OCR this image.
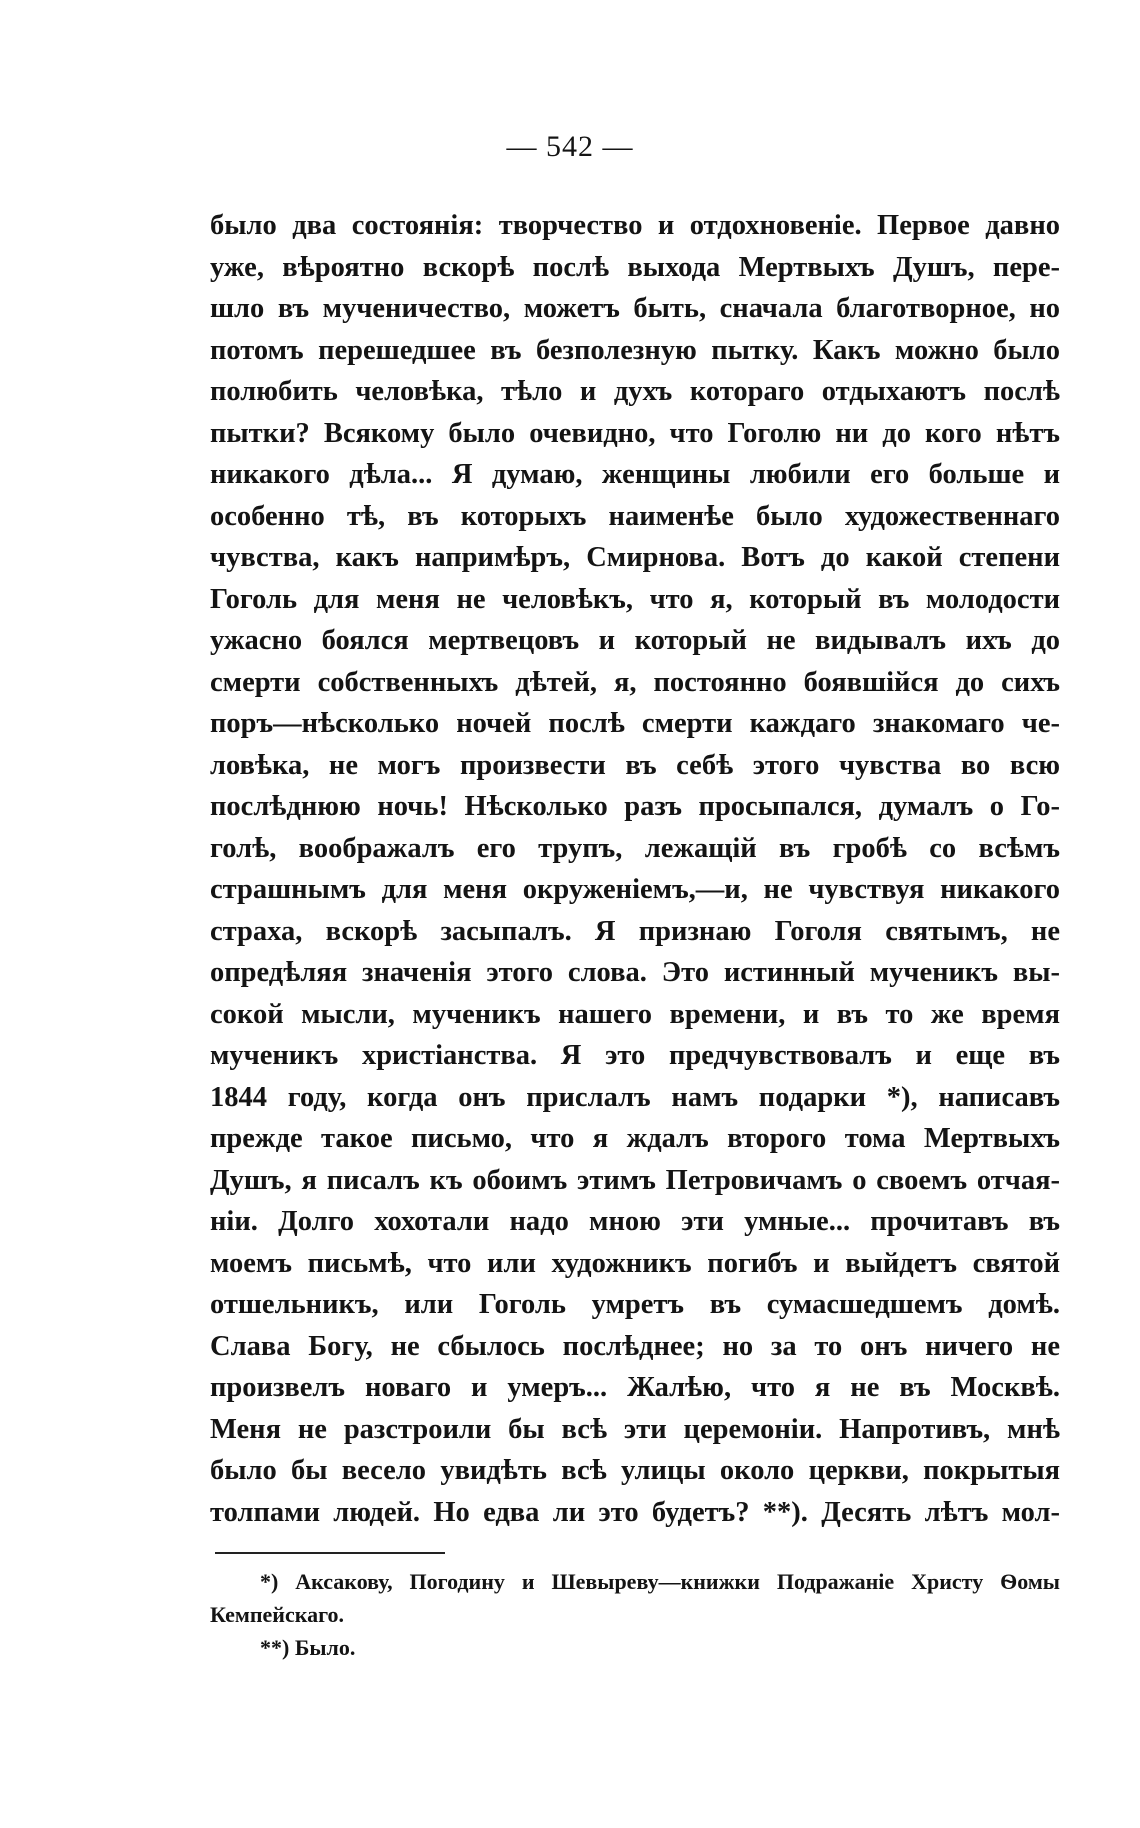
— 542 —
было два состоянія: творчество и отдохновеніе. Первое давно
уже, вѣроятно вскорѣ послѣ выхода Мертвыхъ Душъ, пере-
шло въ мученичество, можетъ быть, сначала благотворное, но
потомъ перешедшее въ безполезную пытку. Какъ можно было
полюбить человѣка, тѣло и духъ котораго отдыхаютъ послѣ
пытки? Всякому было очевидно, что Гоголю ни до кого нѣтъ
никакого дѣла... Я думаю, женщины любили его больше и
особенно тѣ, въ которыхъ наименѣе было художественнаго
чувства, какъ напримѣръ, Смирнова. Вотъ до какой степени
Гоголь для меня не человѣкъ, что я, который въ молодости
ужасно боялся мертвецовъ и который не видывалъ ихъ до
смерти собственныхъ дѣтей, я, постоянно боявшійся до сихъ
поръ—нѣсколько ночей послѣ смерти каждаго знакомаго че-
ловѣка, не могъ произвести въ себѣ этого чувства во всю
послѣднюю ночь! Нѣсколько разъ просыпался, думалъ о Го-
голѣ, воображалъ его трупъ, лежащій въ гробѣ со всѣмъ
страшнымъ для меня окруженіемъ,—и, не чувствуя никакого
страха, вскорѣ засыпалъ. Я признаю Гоголя святымъ, не
опредѣляя значенія этого слова. Это истинный мученикъ вы-
сокой мысли, мученикъ нашего времени, и въ то же время
мученикъ христіанства. Я это предчувствовалъ и еще въ
1844 году, когда онъ прислалъ намъ подарки *), написавъ
прежде такое письмо, что я ждалъ второго тома Мертвыхъ
Душъ, я писалъ къ обоимъ этимъ Петровичамъ о своемъ отчая-
ніи. Долго хохотали надо мною эти умные... прочитавъ въ
моемъ письмѣ, что или художникъ погибъ и выйдетъ святой
отшельникъ, или Гоголь умретъ въ сумасшедшемъ домѣ.
Слава Богу, не сбылось послѣднее; но за то онъ ничего не
произвелъ новаго и умеръ... Жалѣю, что я не въ Москвѣ.
Меня не разстроили бы всѣ эти церемоніи. Напротивъ, мнѣ
было бы весело увидѣть всѣ улицы около церкви, покрытыя
толпами людей. Но едва ли это будетъ? **). Десять лѣтъ мол-
*) Аксакову, Погодину и Шевыреву—книжки Подражаніе Христу Ѳомы
Кемпейскаго.
**) Было.
